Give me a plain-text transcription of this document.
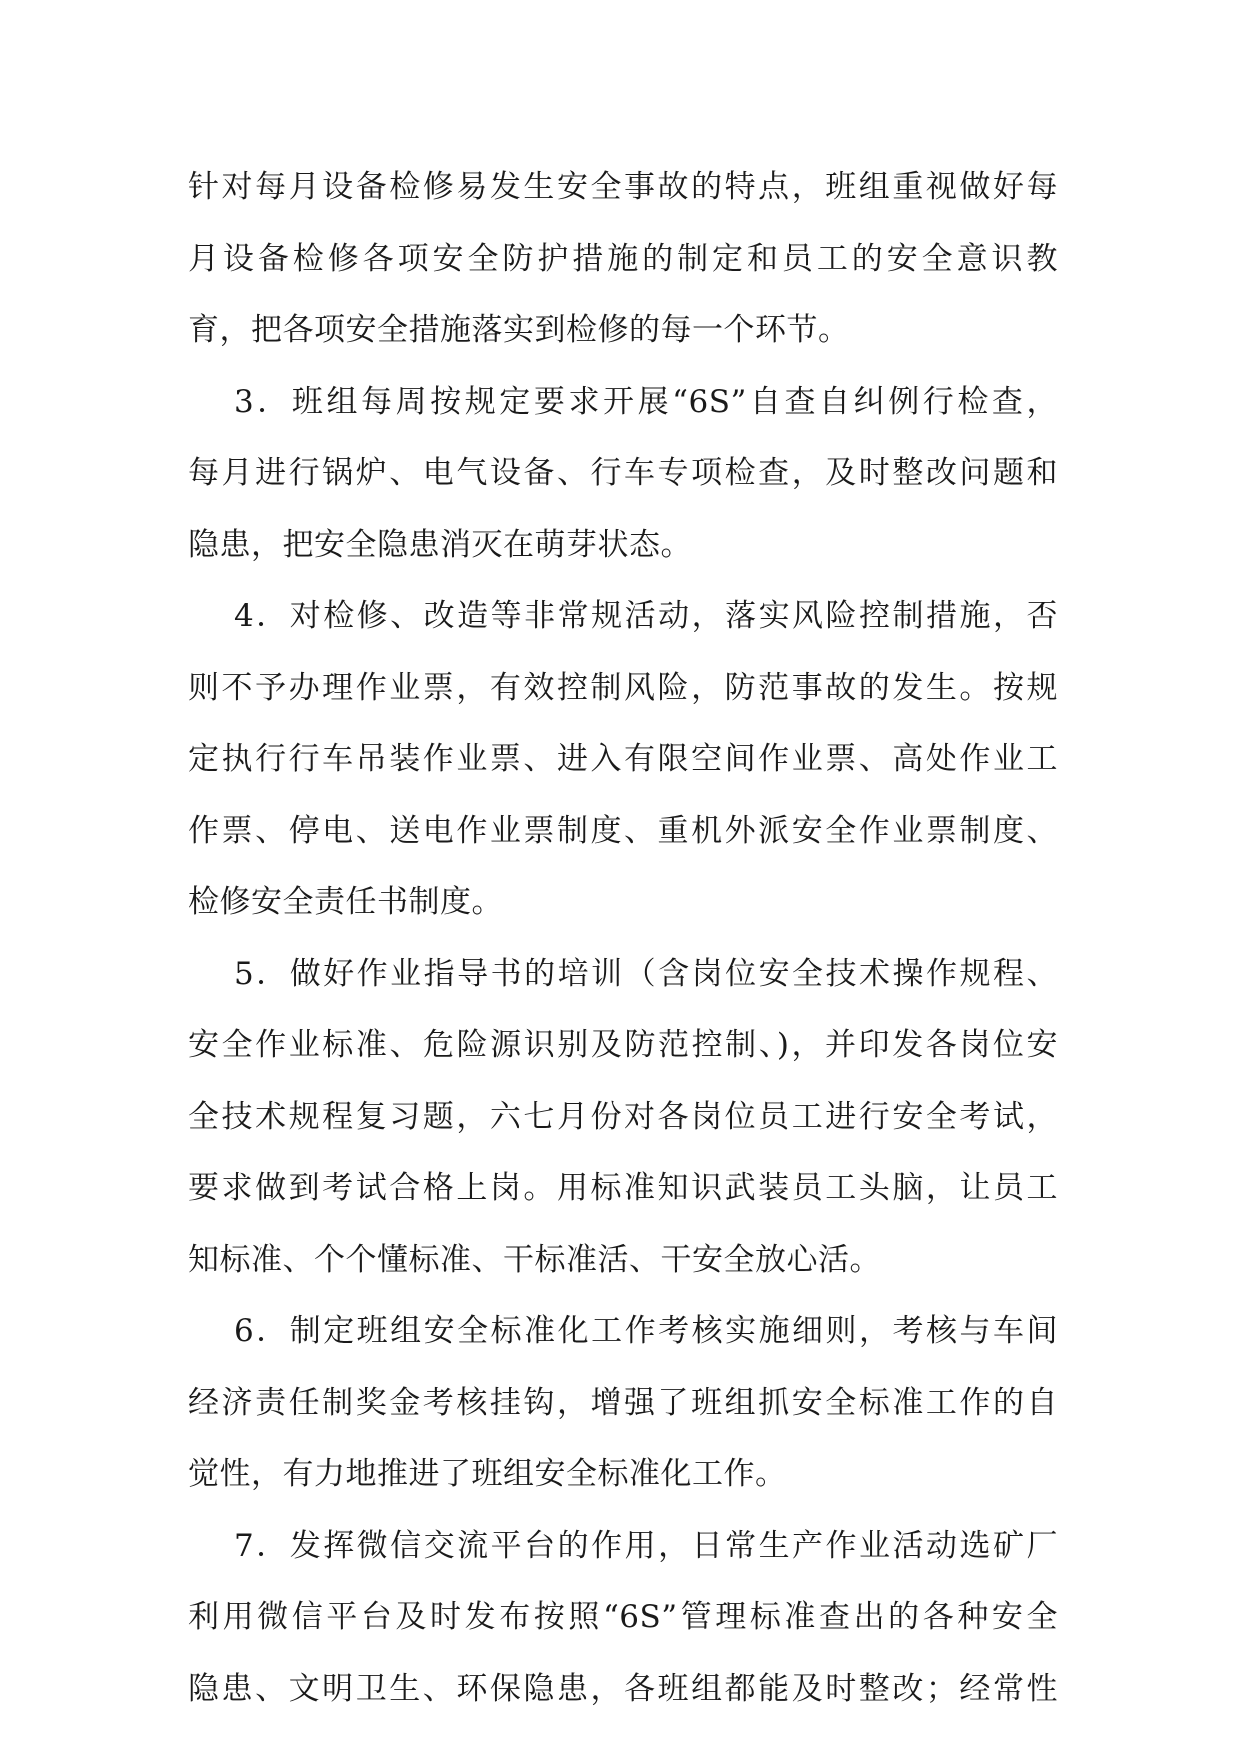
针对每月设备检修易发生安全事故的特点，班组重视做好每
月设备检修各项安全防护措施的制定和员工的安全意识教
育，把各项安全措施落实到检修的每一个环节。
3．班组每周按规定要求开展“6S”自查自纠例行检查，
每月进行锅炉、电气设备、行车专项检查，及时整改问题和
隐患，把安全隐患消灭在萌芽状态。
4．对检修、改造等非常规活动，落实风险控制措施，否
则不予办理作业票，有效控制风险，防范事故的发生。按规
定执行行车吊装作业票、进入有限空间作业票、高处作业工
作票、停电、送电作业票制度、重机外派安全作业票制度、
检修安全责任书制度。
5．做好作业指导书的培训（含岗位安全技术操作规程、
安全作业标准、危险源识别及防范控制、)，并印发各岗位安
全技术规程复习题，六七月份对各岗位员工进行安全考试，
要求做到考试合格上岗。用标准知识武装员工头脑，让员工
知标准、个个懂标准、干标准活、干安全放心活。
6．制定班组安全标准化工作考核实施细则，考核与车间
经济责任制奖金考核挂钩，增强了班组抓安全标准工作的自
觉性，有力地推进了班组安全标准化工作。
7．发挥微信交流平台的作用，日常生产作业活动选矿厂
利用微信平台及时发布按照“6S”管理标准查出的各种安全
隐患、文明卫生、环保隐患，各班组都能及时整改；经常性
